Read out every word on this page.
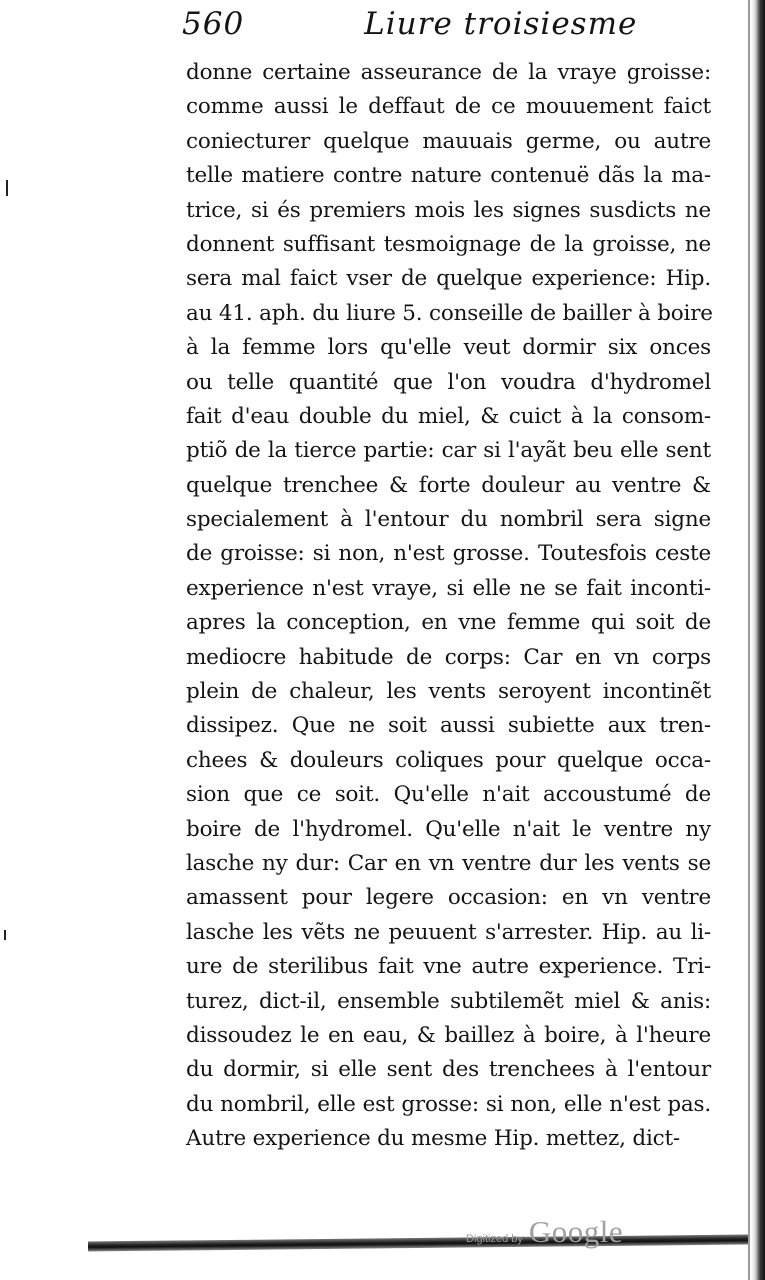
560	Liure troisiesme
donne certaine asseurance de la vraye groisse:
comme aussi le deffaut de ce mouuement faict
coniecturer quelque mauuais germe, ou autre
telle matiere contre nature contenuë dãs la ma-
trice, si és premiers mois les signes susdicts ne
donnent suffisant tesmoignage de la groisse, ne
sera mal faict vser de quelque experience: Hip.
au 41. aph. du liure 5. conseille de bailler à boire
à la femme lors qu'elle veut dormir six onces
ou telle quantité que l'on voudra d'hydromel
fait d'eau double du miel, & cuict à la consom-
ptiõ de la tierce partie: car si l'ayãt beu elle sent
quelque trenchee & forte douleur au ventre &
specialement à l'entour du nombril sera signe
de groisse: si non, n'est grosse. Toutesfois ceste
experience n'est vraye, si elle ne se fait inconti-
apres la conception, en vne femme qui soit de
mediocre habitude de corps: Car en vn corps
plein de chaleur, les vents seroyent incontinẽt
dissipez. Que ne soit aussi subiette aux tren-
chees & douleurs coliques pour quelque occa-
sion que ce soit. Qu'elle n'ait accoustumé de
boire de l'hydromel. Qu'elle n'ait le ventre ny
lasche ny dur: Car en vn ventre dur les vents se
amassent pour legere occasion: en vn ventre
lasche les vẽts ne peuuent s'arrester. Hip. au li-
ure de sterilibus fait vne autre experience. Tri-
turez, dict-il, ensemble subtilemẽt miel & anis:
dissoudez le en eau, & baillez à boire, à l'heure
du dormir, si elle sent des trenchees à l'entour
du nombril, elle est grosse: si non, elle n'est pas.
Autre experience du mesme Hip. mettez, dict-
Digitized by Google
